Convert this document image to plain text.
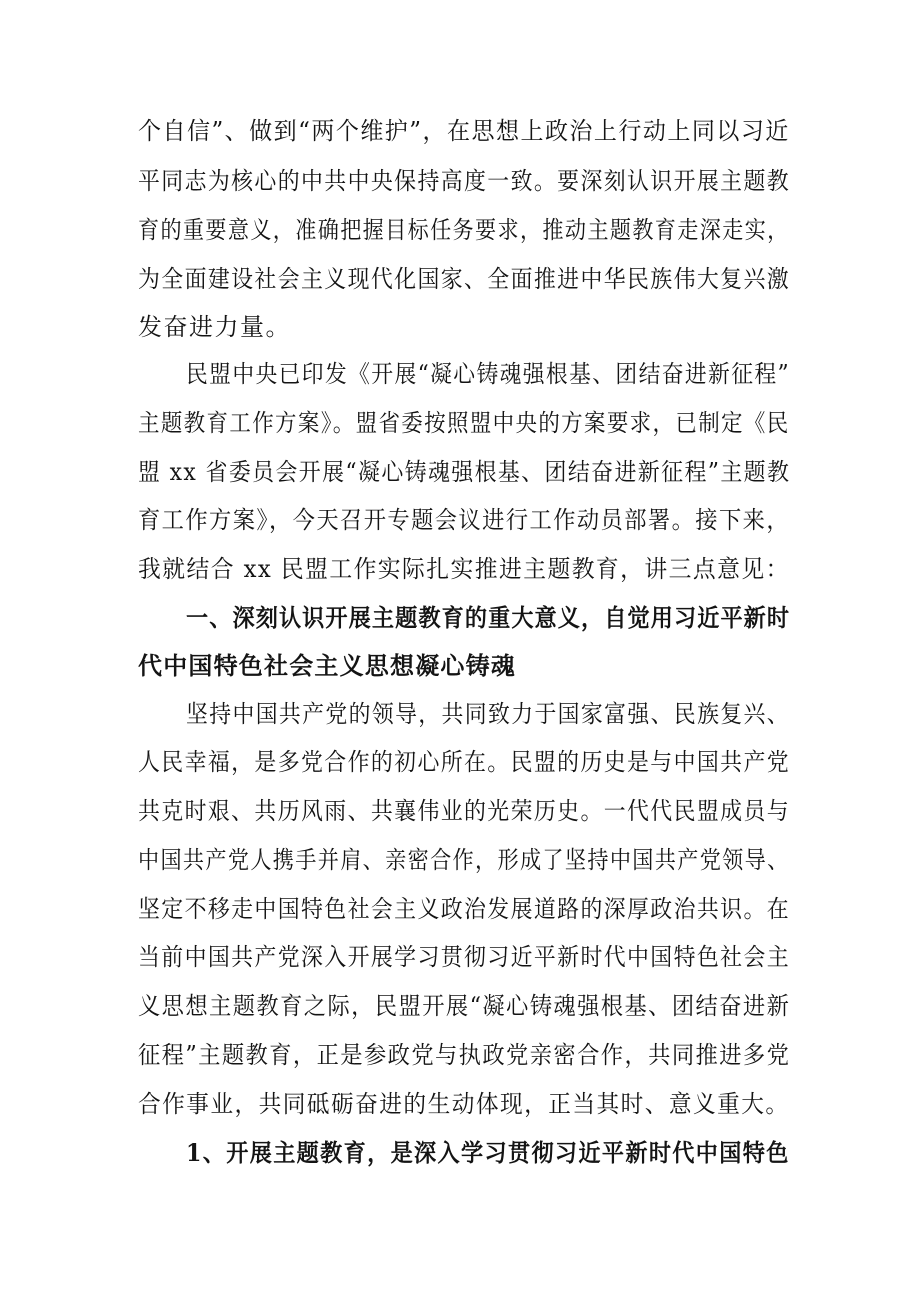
个自信”、做到“两个维护”，在思想上政治上行动上同以习近
平同志为核心的中共中央保持高度一致。要深刻认识开展主题教
育的重要意义，准确把握目标任务要求，推动主题教育走深走实，
为全面建设社会主义现代化国家、全面推进中华民族伟大复兴激
发奋进力量。
民盟中央已印发《开展“凝心铸魂强根基、团结奋进新征程”
主题教育工作方案》。盟省委按照盟中央的方案要求，已制定《民
盟 xx 省委员会开展“凝心铸魂强根基、团结奋进新征程”主题教
育工作方案》，今天召开专题会议进行工作动员部署。接下来，
我就结合 xx 民盟工作实际扎实推进主题教育，讲三点意见：
一、深刻认识开展主题教育的重大意义，自觉用习近平新时
代中国特色社会主义思想凝心铸魂
坚持中国共产党的领导，共同致力于国家富强、民族复兴、
人民幸福，是多党合作的初心所在。民盟的历史是与中国共产党
共克时艰、共历风雨、共襄伟业的光荣历史。一代代民盟成员与
中国共产党人携手并肩、亲密合作，形成了坚持中国共产党领导、
坚定不移走中国特色社会主义政治发展道路的深厚政治共识。在
当前中国共产党深入开展学习贯彻习近平新时代中国特色社会主
义思想主题教育之际，民盟开展“凝心铸魂强根基、团结奋进新
征程”主题教育，正是参政党与执政党亲密合作，共同推进多党
合作事业，共同砥砺奋进的生动体现，正当其时、意义重大。
1、开展主题教育，是深入学习贯彻习近平新时代中国特色
